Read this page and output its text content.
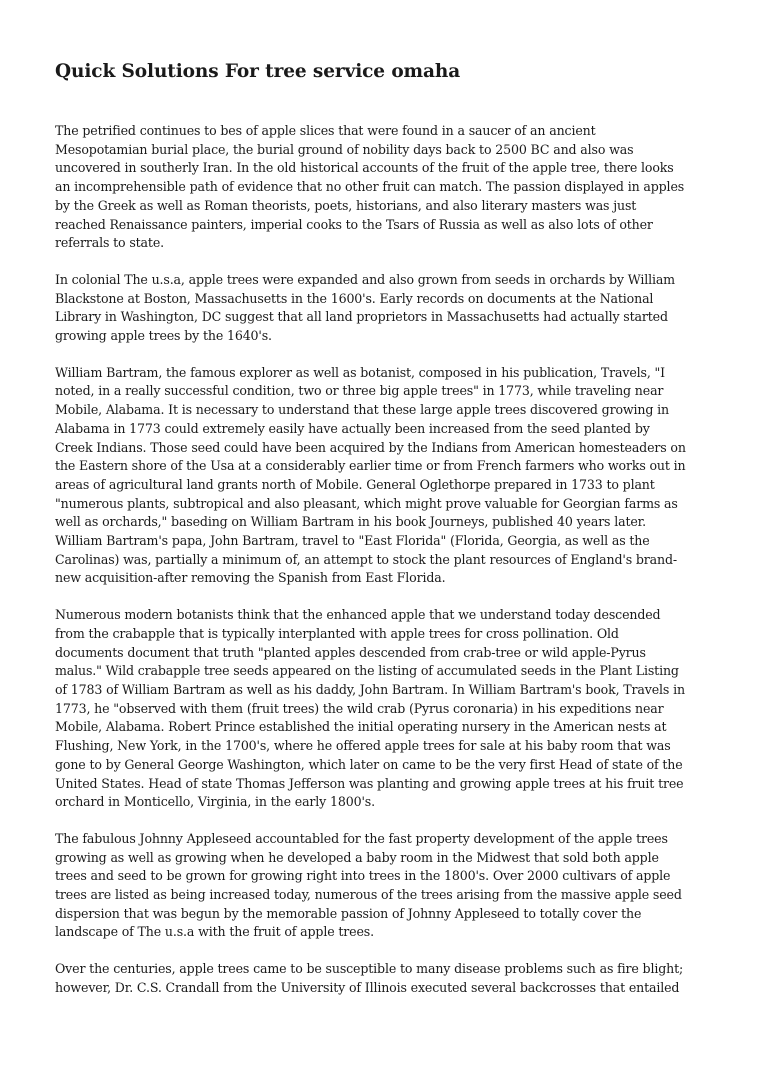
Quick Solutions For tree service omaha

The petrified continues to bes of apple slices that were found in a saucer of an ancient
Mesopotamian burial place, the burial ground of nobility days back to 2500 BC and also was
uncovered in southerly Iran. In the old historical accounts of the fruit of the apple tree, there looks
an incomprehensible path of evidence that no other fruit can match. The passion displayed in apples
by the Greek as well as Roman theorists, poets, historians, and also literary masters was just
reached Renaissance painters, imperial cooks to the Tsars of Russia as well as also lots of other
referrals to state.

In colonial The u.s.a, apple trees were expanded and also grown from seeds in orchards by William
Blackstone at Boston, Massachusetts in the 1600's. Early records on documents at the National
Library in Washington, DC suggest that all land proprietors in Massachusetts had actually started
growing apple trees by the 1640's.

William Bartram, the famous explorer as well as botanist, composed in his publication, Travels, "I
noted, in a really successful condition, two or three big apple trees" in 1773, while traveling near
Mobile, Alabama. It is necessary to understand that these large apple trees discovered growing in
Alabama in 1773 could extremely easily have actually been increased from the seed planted by
Creek Indians. Those seed could have been acquired by the Indians from American homesteaders on
the Eastern shore of the Usa at a considerably earlier time or from French farmers who works out in
areas of agricultural land grants north of Mobile. General Oglethorpe prepared in 1733 to plant
"numerous plants, subtropical and also pleasant, which might prove valuable for Georgian farms as
well as orchards," baseding on William Bartram in his book Journeys, published 40 years later.
William Bartram's papa, John Bartram, travel to "East Florida" (Florida, Georgia, as well as the
Carolinas) was, partially a minimum of, an attempt to stock the plant resources of England's brand-
new acquisition-after removing the Spanish from East Florida.

Numerous modern botanists think that the enhanced apple that we understand today descended
from the crabapple that is typically interplanted with apple trees for cross pollination. Old
documents document that truth "planted apples descended from crab-tree or wild apple-Pyrus
malus." Wild crabapple tree seeds appeared on the listing of accumulated seeds in the Plant Listing
of 1783 of William Bartram as well as his daddy, John Bartram. In William Bartram's book, Travels in
1773, he "observed with them (fruit trees) the wild crab (Pyrus coronaria) in his expeditions near
Mobile, Alabama. Robert Prince established the initial operating nursery in the American nests at
Flushing, New York, in the 1700's, where he offered apple trees for sale at his baby room that was
gone to by General George Washington, which later on came to be the very first Head of state of the
United States. Head of state Thomas Jefferson was planting and growing apple trees at his fruit tree
orchard in Monticello, Virginia, in the early 1800's.

The fabulous Johnny Appleseed accountabled for the fast property development of the apple trees
growing as well as growing when he developed a baby room in the Midwest that sold both apple
trees and seed to be grown for growing right into trees in the 1800's. Over 2000 cultivars of apple
trees are listed as being increased today, numerous of the trees arising from the massive apple seed
dispersion that was begun by the memorable passion of Johnny Appleseed to totally cover the
landscape of The u.s.a with the fruit of apple trees.

Over the centuries, apple trees came to be susceptible to many disease problems such as fire blight;
however, Dr. C.S. Crandall from the University of Illinois executed several backcrosses that entailed
